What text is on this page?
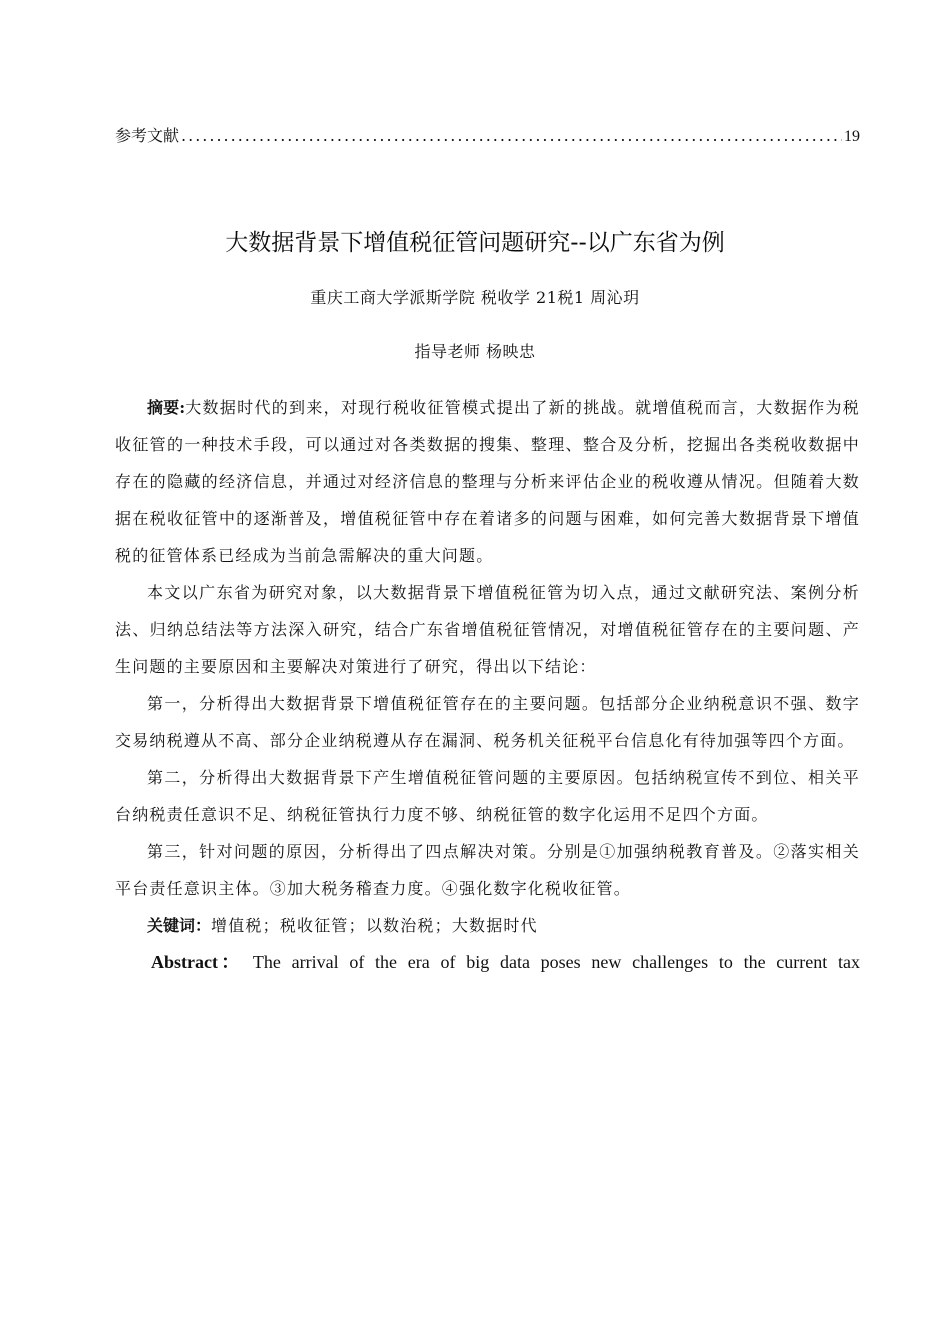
参考文献
.....	19
大数据背景下增值税征管问题研究--以广东省为例
重庆工商大学派斯学院 税收学 21税1 周沁玥
指导老师 杨映忠

摘要:大数据时代的到来，对现行税收征管模式提出了新的挑战。就增值税而言，大数据作为税收征管的一种技术手段，可以通过对各类数据的搜集、整理、整合及分析，挖掘出各类税收数据中存在的隐藏的经济信息，并通过对经济信息的整理与分析来评估企业的税收遵从情况。但随着大数据在税收征管中的逐渐普及，增值税征管中存在着诸多的问题与困难，如何完善大数据背景下增值税的征管体系已经成为当前急需解决的重大问题。

本文以广东省为研究对象，以大数据背景下增值税征管为切入点，通过文献研究法、案例分析法、归纳总结法等方法深入研究，结合广东省增值税征管情况，对增值税征管存在的主要问题、产生问题的主要原因和主要解决对策进行了研究，得出以下结论：

第一，分析得出大数据背景下增值税征管存在的主要问题。包括部分企业纳税意识不强、数字交易纳税遵从不高、部分企业纳税遵从存在漏洞、税务机关征税平台信息化有待加强等四个方面。

第二，分析得出大数据背景下产生增值税征管问题的主要原因。包括纳税宣传不到位、相关平台纳税责任意识不足、纳税征管执行力度不够、纳税征管的数字化运用不足四个方面。

第三，针对问题的原因，分析得出了四点解决对策。分别是①加强纳税教育普及。②落实相关平台责任意识主体。③加大税务稽查力度。④强化数字化税收征管。

关键词：增值税；税收征管；以数治税；大数据时代

Abstract： The arrival of the era of big data poses new challenges to the current tax
